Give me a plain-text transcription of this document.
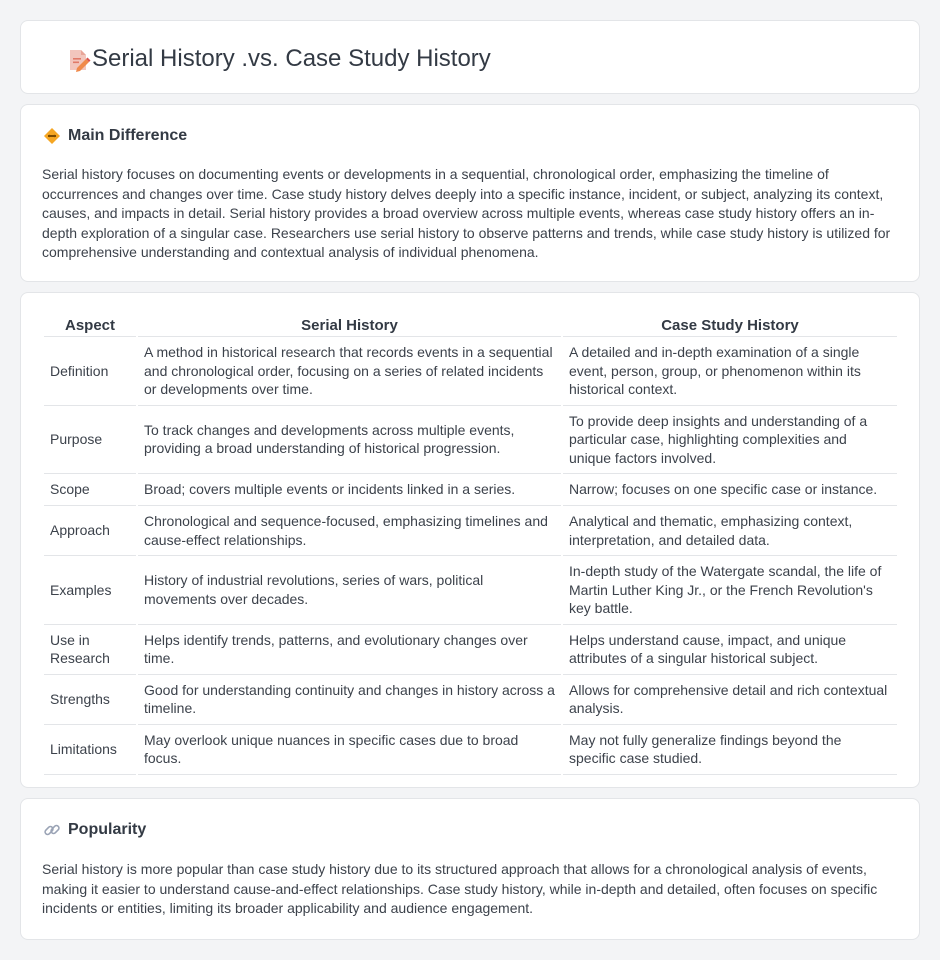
Serial History .vs. Case Study History
Main Difference

Serial history focuses on documenting events or developments in a sequential, chronological order, emphasizing the timeline of occurrences and changes over time. Case study history delves deeply into a specific instance, incident, or subject, analyzing its context, causes, and impacts in detail. Serial history provides a broad overview across multiple events, whereas case study history offers an in-depth exploration of a singular case. Researchers use serial history to observe patterns and trends, while case study history is utilized for comprehensive understanding and contextual analysis of individual phenomena.

Aspect	Serial History	Case Study History
Definition	A method in historical research that records events in a sequential and chronological order, focusing on a series of related incidents or developments over time.	A detailed and in-depth examination of a single event, person, group, or phenomenon within its historical context.
Purpose	To track changes and developments across multiple events, providing a broad understanding of historical progression.	To provide deep insights and understanding of a particular case, highlighting complexities and unique factors involved.
Scope	Broad; covers multiple events or incidents linked in a series.	Narrow; focuses on one specific case or instance.
Approach	Chronological and sequence-focused, emphasizing timelines and cause-effect relationships.	Analytical and thematic, emphasizing context, interpretation, and detailed data.
Examples	History of industrial revolutions, series of wars, political movements over decades.	In-depth study of the Watergate scandal, the life of Martin Luther King Jr., or the French Revolution's key battle.
Use in Research	Helps identify trends, patterns, and evolutionary changes over time.	Helps understand cause, impact, and unique attributes of a singular historical subject.
Strengths	Good for understanding continuity and changes in history across a timeline.	Allows for comprehensive detail and rich contextual analysis.
Limitations	May overlook unique nuances in specific cases due to broad focus.	May not fully generalize findings beyond the specific case studied.
Popularity

Serial history is more popular than case study history due to its structured approach that allows for a chronological analysis of events, making it easier to understand cause-and-effect relationships. Case study history, while in-depth and detailed, often focuses on specific incidents or entities, limiting its broader applicability and audience engagement.
